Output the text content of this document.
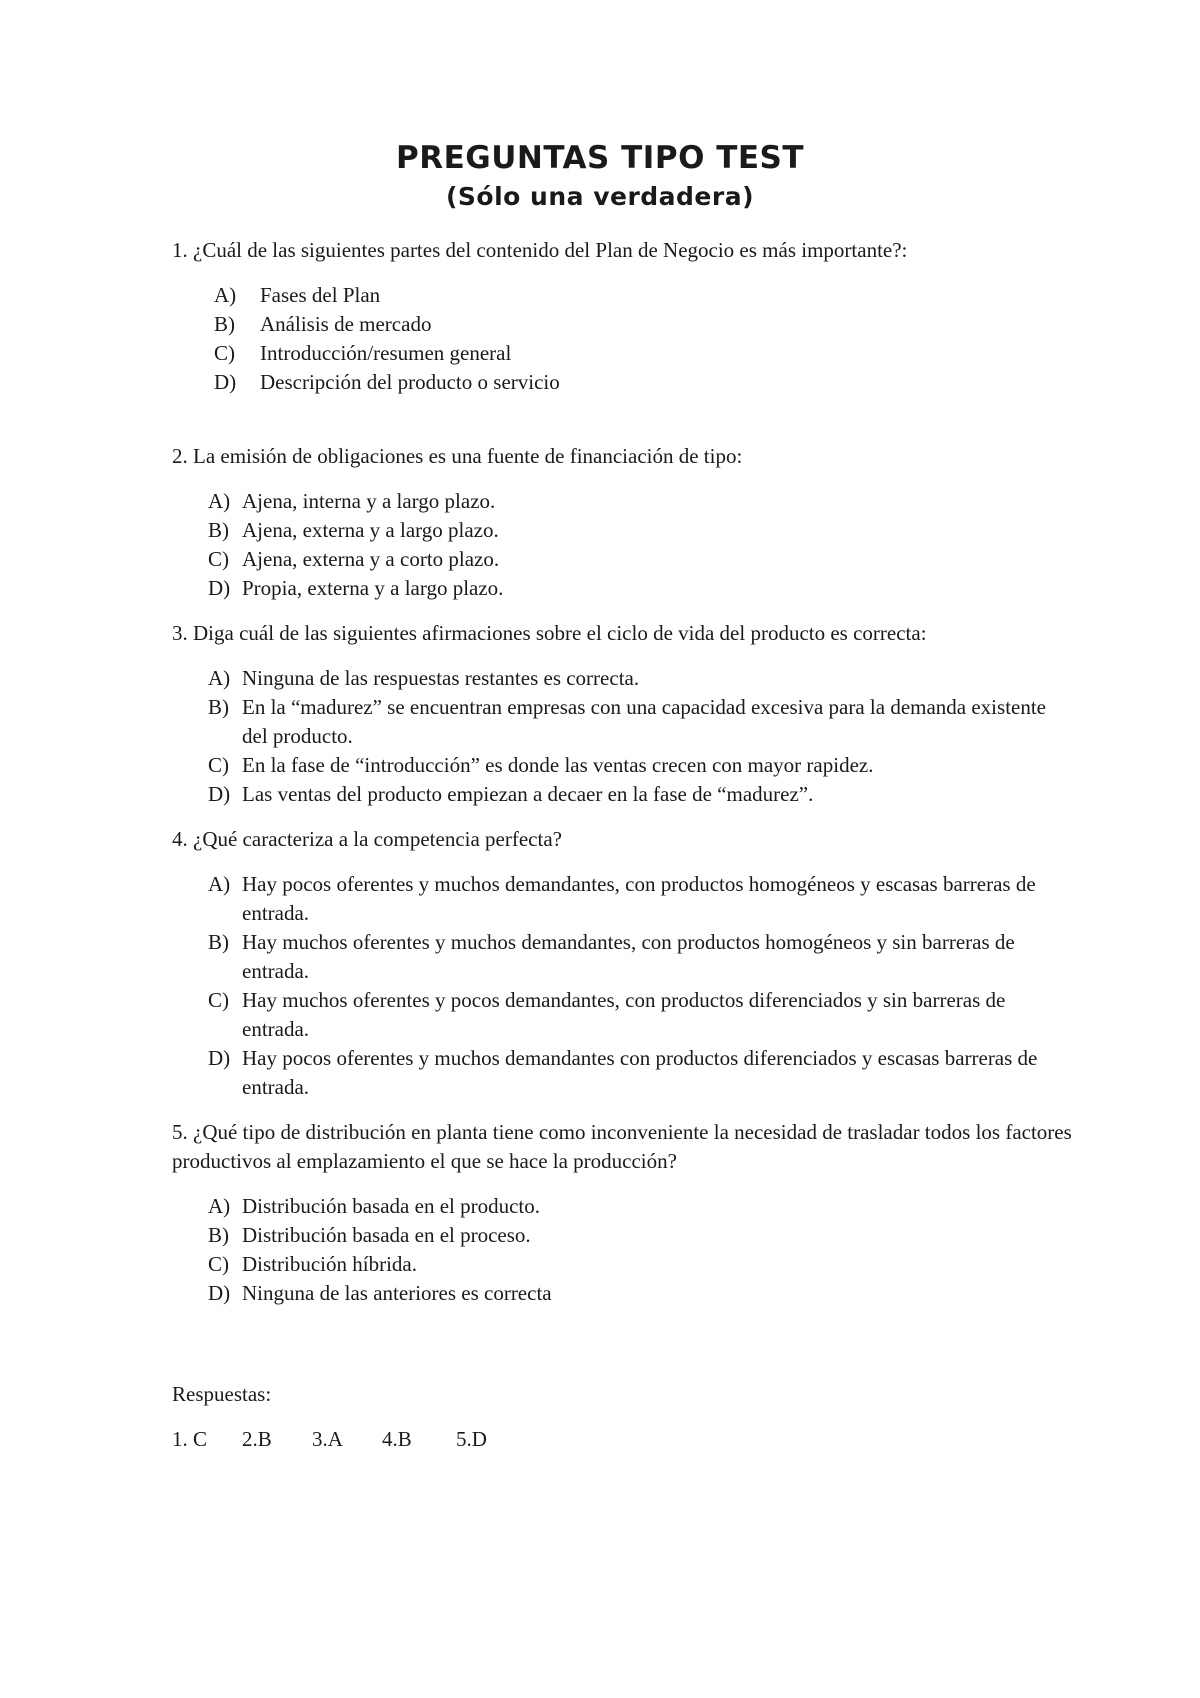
PREGUNTAS TIPO TEST
(Sólo una verdadera)

1. ¿Cuál de las siguientes partes del contenido del Plan de Negocio es más importante?:

A)	Fases del Plan
B)	Análisis de mercado
C)	Introducción/resumen general
D)	Descripción del producto o servicio

2. La emisión de obligaciones es una fuente de financiación de tipo:

A) Ajena, interna y a largo plazo.
B) Ajena, externa y a largo plazo.
C) Ajena, externa y a corto plazo.
D) Propia, externa y a largo plazo.

3. Diga cuál de las siguientes afirmaciones sobre el ciclo de vida del producto es correcta:

A) Ninguna de las respuestas restantes es correcta.
B) En la “madurez” se encuentran empresas con una capacidad excesiva para la demanda existente del producto.
C) En la fase de “introducción” es donde las ventas crecen con mayor rapidez.
D) Las ventas del producto empiezan a decaer en la fase de “madurez”.

4. ¿Qué caracteriza a la competencia perfecta?

A) Hay pocos oferentes y muchos demandantes, con productos homogéneos y escasas barreras de entrada.
B) Hay muchos oferentes y muchos demandantes, con productos homogéneos y sin barreras de entrada.
C) Hay muchos oferentes y pocos demandantes, con productos diferenciados y sin barreras de entrada.
D) Hay pocos oferentes y muchos demandantes con productos diferenciados y escasas barreras de entrada.

5. ¿Qué tipo de distribución en planta tiene como inconveniente la necesidad de trasladar todos los factores productivos al emplazamiento el que se hace la producción?

A) Distribución basada en el producto.
B) Distribución basada en el proceso.
C) Distribución híbrida.
D) Ninguna de las anteriores es correcta

Respuestas:

1. C	2.B	3.A	4.B	5.D
